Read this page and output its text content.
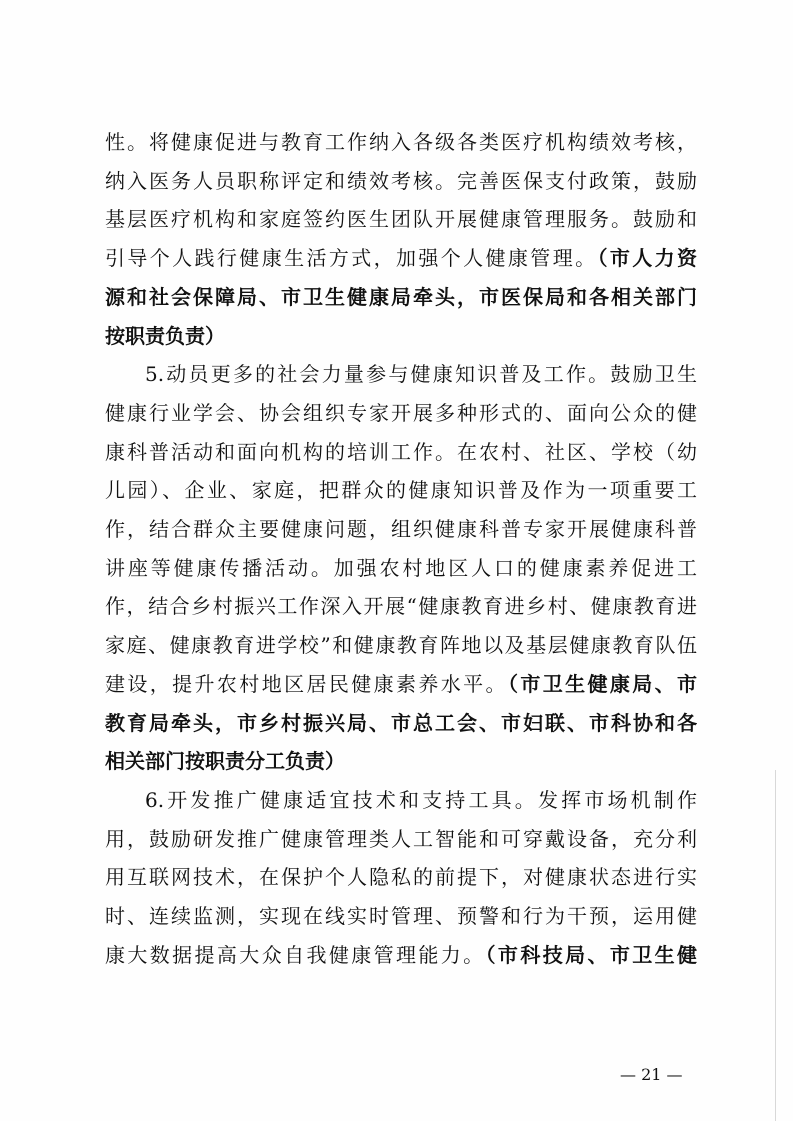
性。将健康促进与教育工作纳入各级各类医疗机构绩效考核，
纳入医务人员职称评定和绩效考核。完善医保支付政策，鼓励
基层医疗机构和家庭签约医生团队开展健康管理服务。鼓励和
引导个人践行健康生活方式，加强个人健康管理。（市人力资
源和社会保障局、市卫生健康局牵头，市医保局和各相关部门
按职责负责）
5.动员更多的社会力量参与健康知识普及工作。鼓励卫生
健康行业学会、协会组织专家开展多种形式的、面向公众的健
康科普活动和面向机构的培训工作。在农村、社区、学校（幼
儿园）、企业、家庭，把群众的健康知识普及作为一项重要工
作，结合群众主要健康问题，组织健康科普专家开展健康科普
讲座等健康传播活动。加强农村地区人口的健康素养促进工
作，结合乡村振兴工作深入开展“健康教育进乡村、健康教育进
家庭、健康教育进学校”和健康教育阵地以及基层健康教育队伍
建设，提升农村地区居民健康素养水平。（市卫生健康局、市
教育局牵头，市乡村振兴局、市总工会、市妇联、市科协和各
相关部门按职责分工负责）
6.开发推广健康适宜技术和支持工具。发挥市场机制作
用，鼓励研发推广健康管理类人工智能和可穿戴设备，充分利
用互联网技术，在保护个人隐私的前提下，对健康状态进行实
时、连续监测，实现在线实时管理、预警和行为干预，运用健
康大数据提高大众自我健康管理能力。（市科技局、市卫生健
— 21 —
